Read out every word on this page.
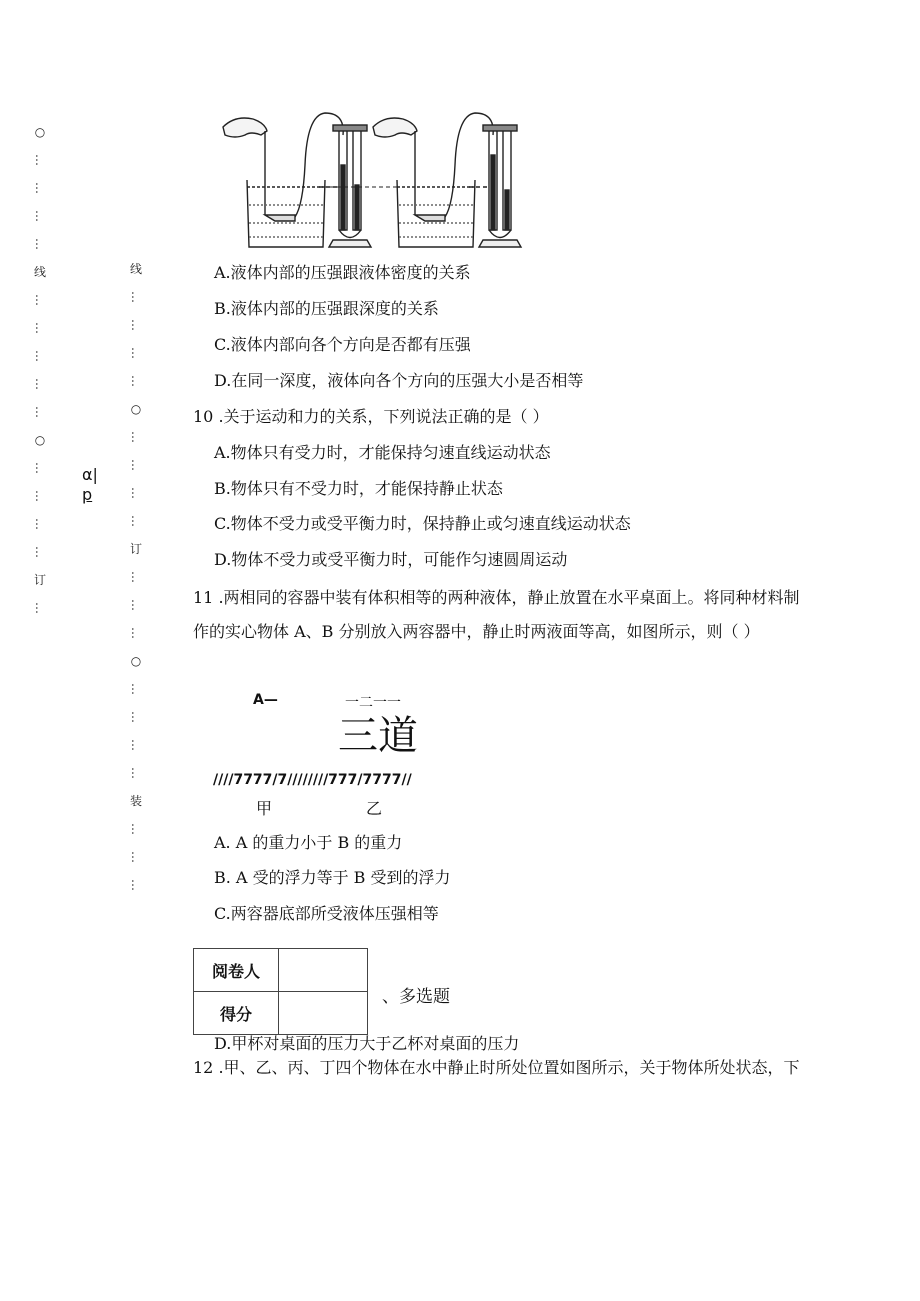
○
…
…
…
…
线
…
…
…
…
…
○
…
…
…
…
订
…
线
…
…
…
…
○
…
…
…
…
订
…
…
…
○
…
…
…
…
装
…
…
…
α|
p
A.液体内部的压强跟液体密度的关系
B.液体内部的压强跟深度的关系
C.液体内部向各个方向是否都有压强
D.在同一深度，液体向各个方向的压强大小是否相等
10 .关于运动和力的关系，下列说法正确的是（ ）
A.物体只有受力时，才能保持匀速直线运动状态
B.物体只有不受力时，才能保持静止状态
C.物体不受力或受平衡力时，保持静止或匀速直线运动状态
D.物体不受力或受平衡力时，可能作匀速圆周运动
11 .两相同的容器中装有体积相等的两种液体，静止放置在水平桌面上。将同种材料制
作的实心物体 A、B 分别放入两容器中，静止时两液面等高，如图所示，则（ ）
A—	一二一一
三道
////7777/7////////777/7777//
甲	乙
A. A 的重力小于 B 的重力
B. A 受的浮力等于 B 受到的浮力
C.两容器底部所受液体压强相等
阅卷人	
得分	
、多选题
D.甲杯对桌面的压力大于乙杯对桌面的压力
12 .甲、乙、丙、丁四个物体在水中静止时所处位置如图所示，关于物体所处状态，下
